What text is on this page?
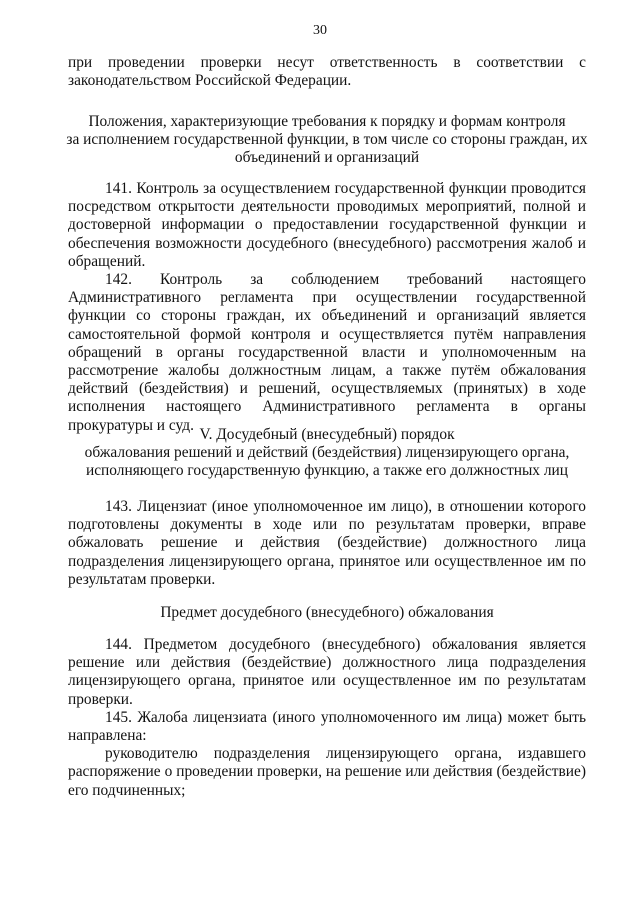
30

при проведении проверки несут ответственность в соответствии с законодательством Российской Федерации.

Положения, характеризующие требования к порядку и формам контроля

за исполнением государственной функции, в том числе со стороны граждан, их

объединений и организаций

141. Контроль за осуществлением государственной функции проводится посредством открытости деятельности проводимых мероприятий, полной и достоверной информации о предоставлении государственной функции и обеспечения возможности досудебного (внесудебного) рассмотрения жалоб и обращений.

142. Контроль за соблюдением требований настоящего Административного регламента при осуществлении государственной функции со стороны граждан, их объединений и организаций является самостоятельной формой контроля и осуществляется путём направления обращений в органы государственной власти и уполномоченным на рассмотрение жалобы должностным лицам, а также путём обжалования действий (бездействия) и решений, осуществляемых (принятых) в ходе исполнения настоящего Административного регламента в органы прокуратуры и суд.

V. Досудебный (внесудебный) порядок

обжалования решений и действий (бездействия) лицензирующего органа,

исполняющего государственную функцию, а также его должностных лиц

143. Лицензиат (иное уполномоченное им лицо), в отношении которого подготовлены документы в ходе или по результатам проверки, вправе обжаловать решение и действия (бездействие) должностного лица подразделения лицензирующего органа, принятое или осуществленное им по результатам проверки.

Предмет досудебного (внесудебного) обжалования

144. Предметом досудебного (внесудебного) обжалования является решение или действия (бездействие) должностного лица подразделения лицензирующего органа, принятое или осуществленное им по результатам проверки.

145. Жалоба лицензиата (иного уполномоченного им лица) может быть направлена:

руководителю подразделения лицензирующего органа, издавшего распоряжение о проведении проверки, на решение или действия (бездействие) его подчиненных;
